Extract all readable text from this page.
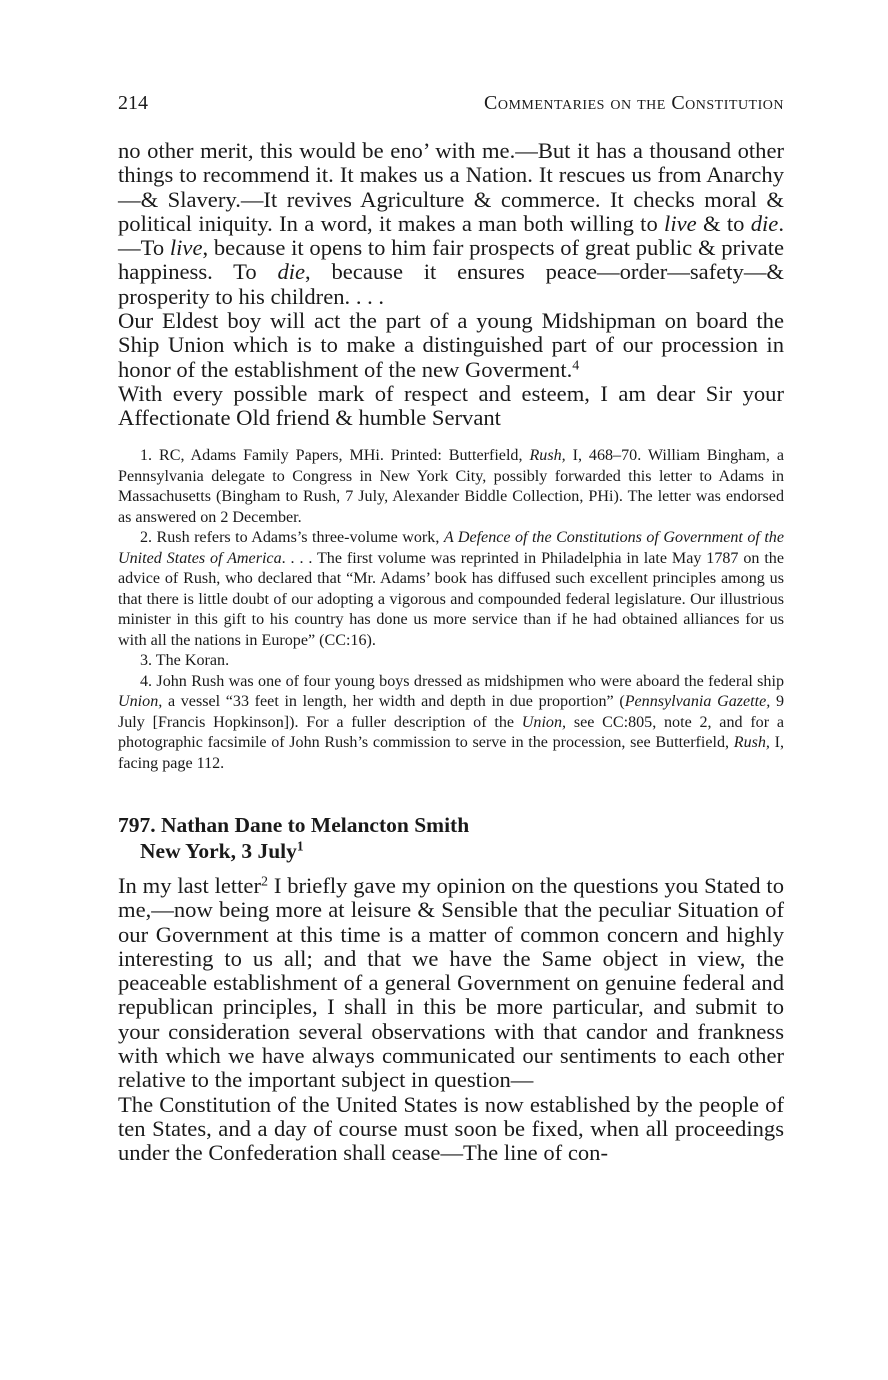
214	Commentaries on the Constitution

no other merit, this would be eno’ with me.—But it has a thousand other things to recommend it. It makes us a Nation. It rescues us from Anarchy—& Slavery.—It revives Agriculture & commerce. It checks moral & political iniquity. In a word, it makes a man both willing to live & to die.—To live, because it opens to him fair prospects of great public & private happiness. To die, because it ensures peace—order—safety—& prosperity to his children. . . .

Our Eldest boy will act the part of a young Midshipman on board the Ship Union which is to make a distinguished part of our procession in honor of the establishment of the new Goverment.$^4$

With every possible mark of respect and esteem, I am dear Sir your Affectionate Old friend & humble Servant

1. RC, Adams Family Papers, MHi. Printed: Butterfield, Rush, I, 468–70. William Bingham, a Pennsylvania delegate to Congress in New York City, possibly forwarded this letter to Adams in Massachusetts (Bingham to Rush, 7 July, Alexander Biddle Collection, PHi). The letter was endorsed as answered on 2 December.

2. Rush refers to Adams’s three-volume work, A Defence of the Constitutions of Government of the United States of America. . . . The first volume was reprinted in Philadelphia in late May 1787 on the advice of Rush, who declared that “Mr. Adams’ book has diffused such excellent principles among us that there is little doubt of our adopting a vigorous and compounded federal legislature. Our illustrious minister in this gift to his country has done us more service than if he had obtained alliances for us with all the nations in Europe” (CC:16).

3. The Koran.

4. John Rush was one of four young boys dressed as midshipmen who were aboard the federal ship Union, a vessel “33 feet in length, her width and depth in due proportion” (Pennsylvania Gazette, 9 July [Francis Hopkinson]). For a fuller description of the Union, see CC:805, note 2, and for a photographic facsimile of John Rush’s commission to serve in the procession, see Butterfield, Rush, I, facing page 112.

797. Nathan Dane to Melancton Smith
New York, 3 July$^1$

In my last letter$^2$ I briefly gave my opinion on the questions you Stated to me,—now being more at leisure & Sensible that the peculiar Situation of our Government at this time is a matter of common concern and highly interesting to us all; and that we have the Same object in view, the peaceable establishment of a general Government on genuine federal and republican principles, I shall in this be more particular, and submit to your consideration several observations with that candor and frankness with which we have always communicated our sentiments to each other relative to the important subject in question—

The Constitution of the United States is now established by the people of ten States, and a day of course must soon be fixed, when all proceedings under the Confederation shall cease—The line of con-
